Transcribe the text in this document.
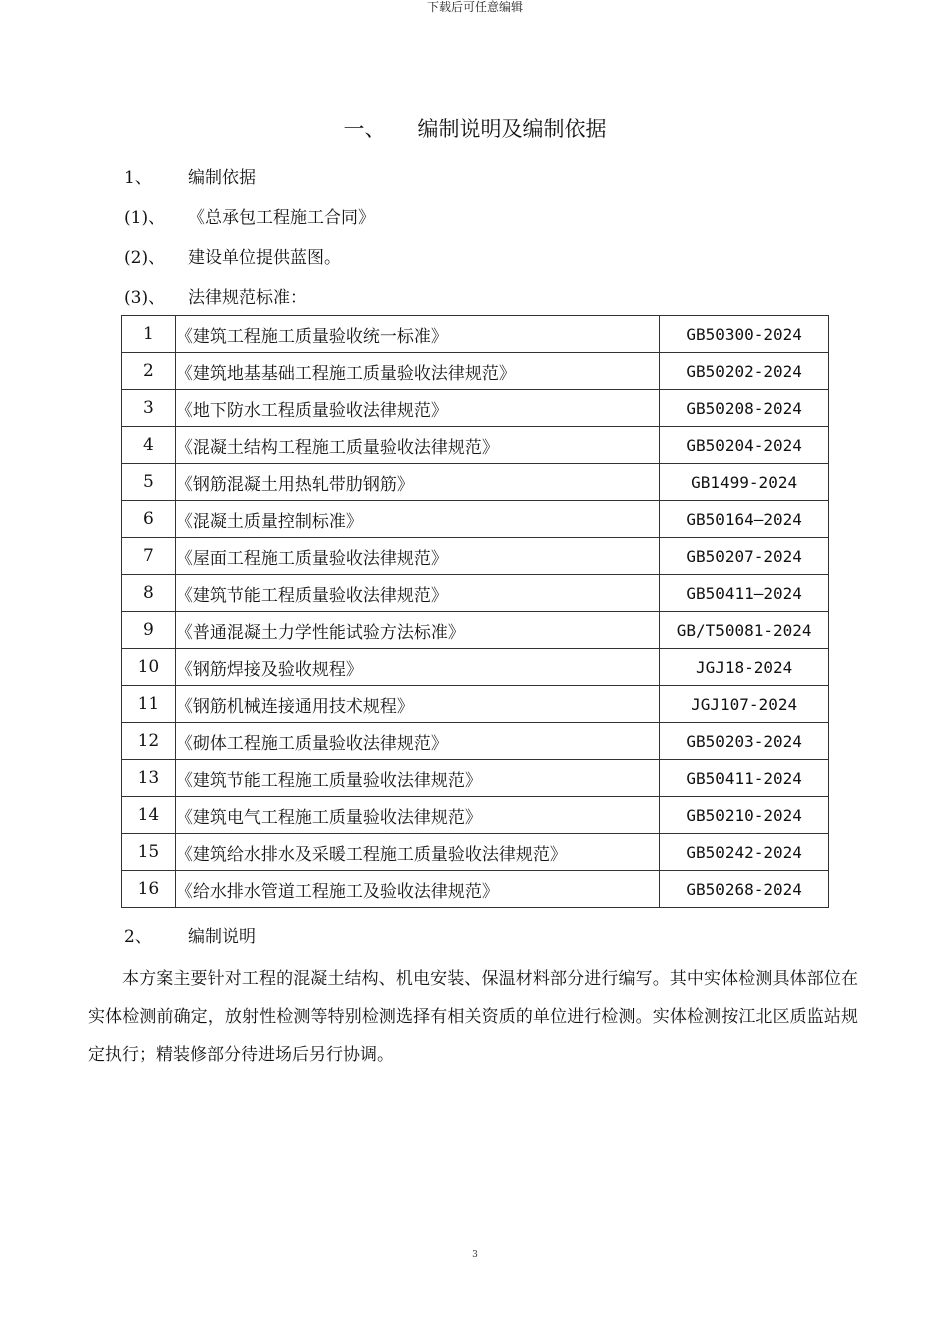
下载后可任意编辑
一、 编制说明及编制依据
1、 编制依据
(1)、 《总承包工程施工合同》
(2)、 建设单位提供蓝图。
(3)、 法律规范标准：
1	《建筑工程施工质量验收统一标准》	GB50300-2024
2	《建筑地基基础工程施工质量验收法律规范》	GB50202-2024
3	《地下防水工程质量验收法律规范》	GB50208-2024
4	《混凝土结构工程施工质量验收法律规范》	GB50204-2024
5	《钢筋混凝土用热轧带肋钢筋》	GB1499-2024
6	《混凝土质量控制标准》	GB50164—2024
7	《屋面工程施工质量验收法律规范》	GB50207-2024
8	《建筑节能工程质量验收法律规范》	GB50411—2024
9	《普通混凝土力学性能试验方法标准》	GB/T50081-2024
10	《钢筋焊接及验收规程》	JGJ18-2024
11	《钢筋机械连接通用技术规程》	JGJ107-2024
12	《砌体工程施工质量验收法律规范》	GB50203-2024
13	《建筑节能工程施工质量验收法律规范》	GB50411-2024
14	《建筑电气工程施工质量验收法律规范》	GB50210-2024
15	《建筑给水排水及采暖工程施工质量验收法律规范》	GB50242-2024
16	《给水排水管道工程施工及验收法律规范》	GB50268-2024
2、 编制说明
本方案主要针对工程的混凝土结构、机电安装、保温材料部分进行编写。其中实体检测具体部位在实体检测前确定，放射性检测等特别检测选择有相关资质的单位进行检测。实体检测按江北区质监站规定执行；精装修部分待进场后另行协调。
3
